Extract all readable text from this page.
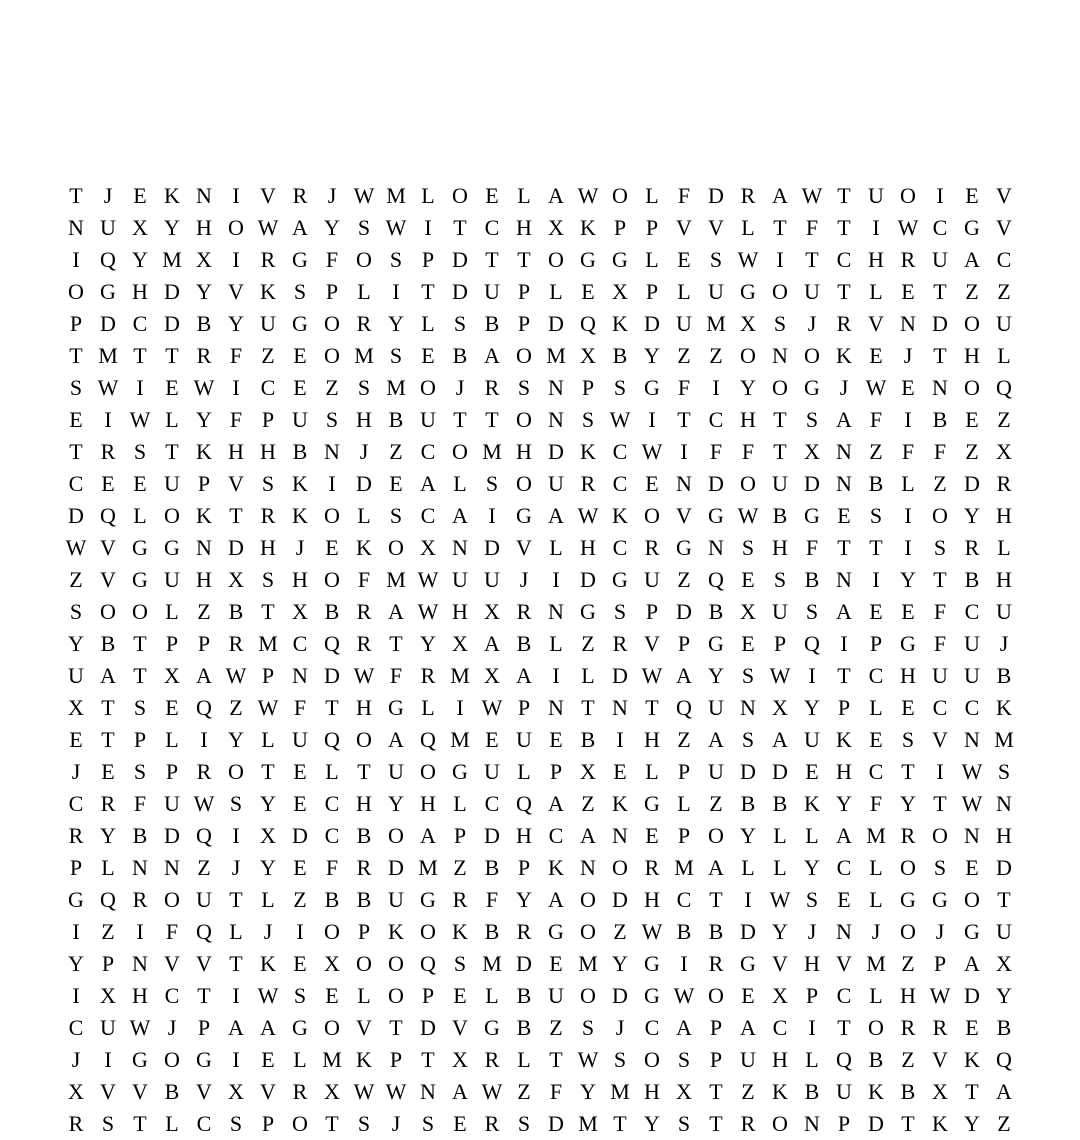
T J E K N I V R J W M L O E L A W O L F D R A W T U O I E V
N U X Y H O W A Y S W I T C H X K P P V V L T F T I W C G V
I Q Y M X I R G F O S P D T T O G G L E S W I T C H R U A C
O G H D Y V K S P L I T D U P L E X P L U G O U T L E T Z Z
P D C D B Y U G O R Y L S B P D Q K D U M X S J R V N D O U
T M T T R F Z E O M S E B A O M X B Y Z Z O N O K E J T H L
S W I E W I C E Z S M O J R S N P S G F	I Y O G J W E N O Q
E I W L Y F P U S H B U T T O N S W I T C H T S A F	I B E Z
T R S T K H H B N J Z C O M H D K C W I	F F T X N Z F F Z X
C E E U P V S K I D E A L S O U R C E N D O U D N B L Z D R
D Q L O K T R K O L S C A I G A W K O V G W B G E S	I O Y H
W V G G N D H J E K O X N D V L H C R G N S H F T T I	S R L
Z V G U H X S H O F M W U U J	I D G U Z Q E S B N I Y T B H
S O O L Z B T X B R A W H X R N G S P D B X U S A E E F C U
Y B T P P R M C Q R T Y X A B L Z R V P G E P Q I	P G F U J
U A T X A W P N D W F R M X A I L D W A Y S W I T C H U U B
X T S E Q Z W F T H G L I W P N T N T Q U N X Y P L E C C K
E T P L I Y L U Q O A Q M E U E B I H Z A S A U K E S V N M
J E S P R O T E L T U O G U L P X E L P U D D E H C T I W S
C R F U W S Y E C H Y H L C Q A Z K G L Z B B K Y F Y T W N
R Y B D Q I X D C B O A P D H C A N E P O Y L L A M R O N H
P L N N Z J Y E F R D M Z B P K N O R M A L L Y C L O S E D
G Q R O U T L Z B B U G R F Y A O D H C T I W S E L G G O T
I Z I	F Q L J	I O P K O K B R G O Z W B B D Y J N J O J G U
Y P N V V T K E X O O Q S M D E M Y G I R G V H V M Z P A X
I X H C T I W S E L O P E L B U O D G W O E X P C L H W D Y
C U W J P A A G O V T D V G B Z S J C A P A C I T O R R E B
J	I G O G I E L M K P T X R L T W S O S P U H L Q B Z V K Q
X V V B V X V R X W W N A W Z F Y M H X T Z K B U K B X T A
R S T L C S P O T S J S E R S D M T Y S T R O N P D T K Y Z
